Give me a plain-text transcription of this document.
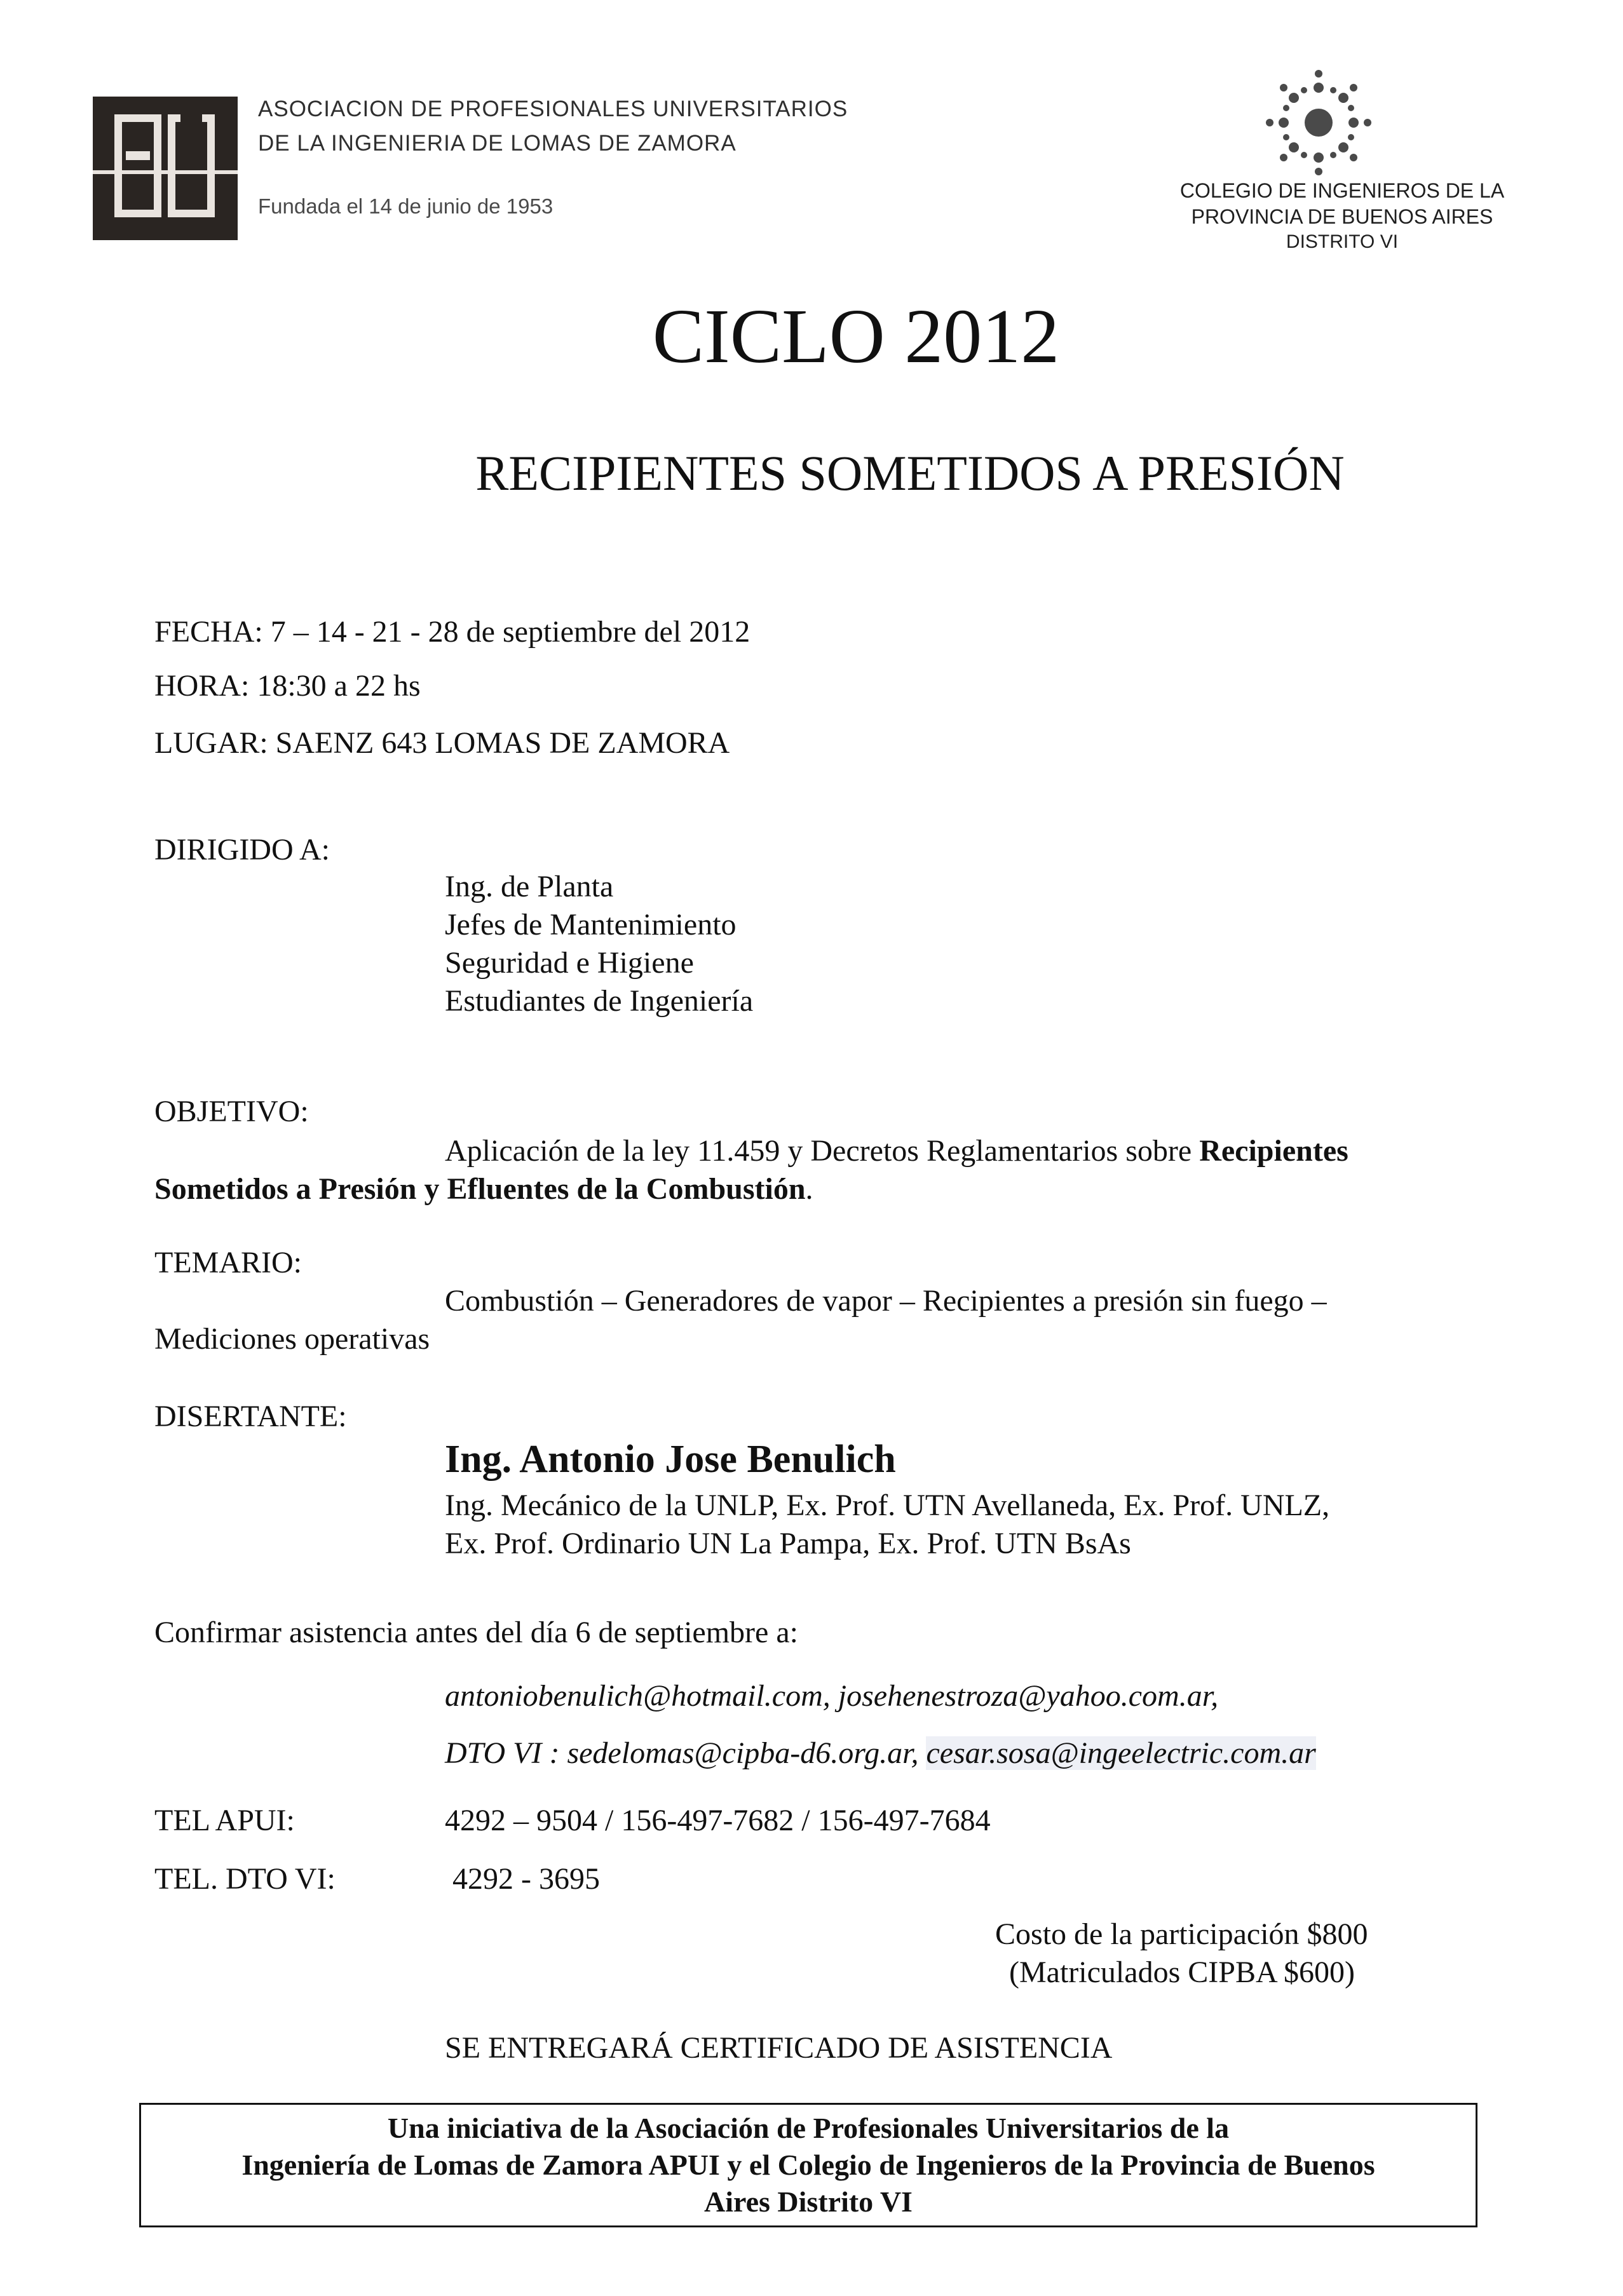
ASOCIACION DE PROFESIONALES UNIVERSITARIOS
DE LA INGENIERIA DE LOMAS DE ZAMORA
Fundada el 14 de junio de 1953
COLEGIO DE INGENIEROS DE LA
PROVINCIA DE BUENOS AIRES
DISTRITO VI
CICLO 2012
RECIPIENTES SOMETIDOS A PRESIÓN
FECHA: 7 – 14 - 21 - 28 de septiembre del 2012
HORA: 18:30 a 22 hs
LUGAR: SAENZ 643 LOMAS DE ZAMORA
DIRIGIDO A:
Ing. de Planta
Jefes de Mantenimiento
Seguridad e Higiene
Estudiantes de Ingeniería
OBJETIVO:
Aplicación de la ley 11.459 y Decretos Reglamentarios sobre Recipientes
Sometidos a Presión y Efluentes de la Combustión.
TEMARIO:
Combustión – Generadores de vapor – Recipientes a presión sin fuego –
Mediciones operativas
DISERTANTE:
Ing. Antonio Jose Benulich
Ing. Mecánico de la UNLP, Ex. Prof. UTN Avellaneda, Ex. Prof. UNLZ,
Ex. Prof. Ordinario UN La Pampa, Ex. Prof. UTN BsAs
Confirmar asistencia antes del día 6 de septiembre a:
antoniobenulich@hotmail.com, josehenestroza@yahoo.com.ar,
DTO VI : sedelomas@cipba-d6.org.ar, cesar.sosa@ingeelectric.com.ar
TEL APUI:	4292 – 9504 / 156-497-7682 / 156-497-7684
TEL. DTO VI:	4292 - 3695
Costo de la participación $800
(Matriculados CIPBA $600)
SE ENTREGARÁ CERTIFICADO DE ASISTENCIA
Una iniciativa de la Asociación de Profesionales Universitarios de la
Ingeniería de Lomas de Zamora APUI y el Colegio de Ingenieros de la Provincia de Buenos
Aires Distrito VI
